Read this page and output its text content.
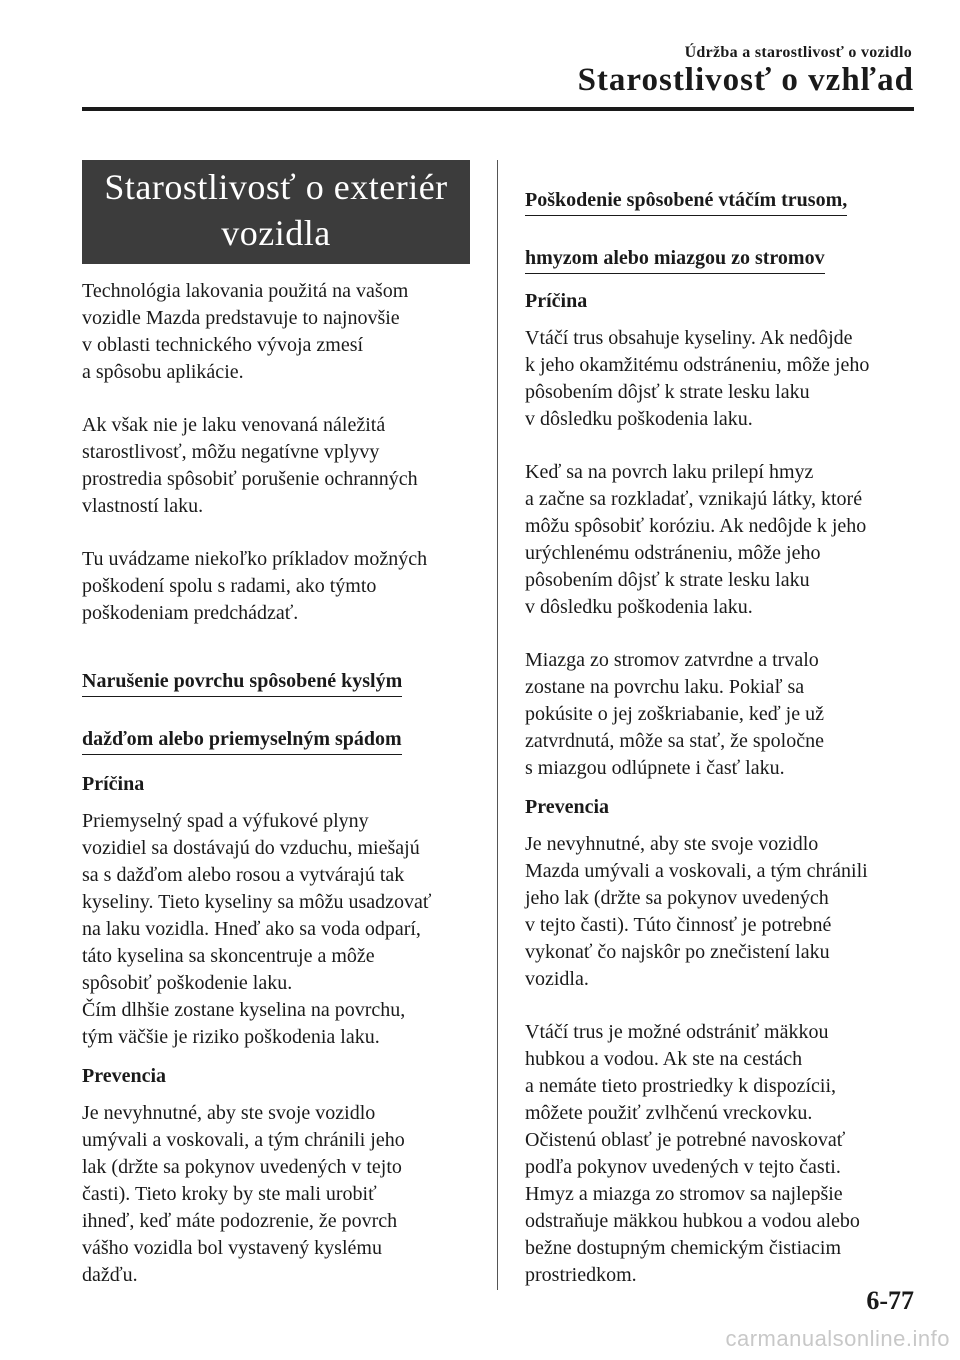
Údržba a starostlivosť o vozidlo
Starostlivosť o vzhľad
Starostlivosť o exteriér
vozidla

Technológia lakovania použitá na vašom
vozidle Mazda predstavuje to najnovšie
v oblasti technického vývoja zmesí
a spôsobu aplikácie.

Ak však nie je laku venovaná náležitá
starostlivosť, môžu negatívne vplyvy
prostredia spôsobiť porušenie ochranných
vlastností laku.

Tu uvádzame niekoľko príkladov možných
poškodení spolu s radami, ako týmto
poškodeniam predchádzať.

Narušenie povrchu spôsobené kyslým

dažďom alebo priemyselným spádom

Príčina

Priemyselný spad a výfukové plyny
vozidiel sa dostávajú do vzduchu, miešajú
sa s dažďom alebo rosou a vytvárajú tak
kyseliny. Tieto kyseliny sa môžu usadzovať
na laku vozidla. Hneď ako sa voda odparí,
táto kyselina sa skoncentruje a môže
spôsobiť poškodenie laku.
Čím dlhšie zostane kyselina na povrchu,
tým väčšie je riziko poškodenia laku.

Prevencia

Je nevyhnutné, aby ste svoje vozidlo
umývali a voskovali, a tým chránili jeho
lak (držte sa pokynov uvedených v tejto
časti). Tieto kroky by ste mali urobiť
ihneď, keď máte podozrenie, že povrch
vášho vozidla bol vystavený kyslému
dažďu.

Poškodenie spôsobené vtáčím trusom,

hmyzom alebo miazgou zo stromov

Príčina

Vtáčí trus obsahuje kyseliny. Ak nedôjde
k jeho okamžitému odstráneniu, môže jeho
pôsobením dôjsť k strate lesku laku
v dôsledku poškodenia laku.

Keď sa na povrch laku prilepí hmyz
a začne sa rozkladať, vznikajú látky, ktoré
môžu spôsobiť koróziu. Ak nedôjde k jeho
urýchlenému odstráneniu, môže jeho
pôsobením dôjsť k strate lesku laku
v dôsledku poškodenia laku.

Miazga zo stromov zatvrdne a trvalo
zostane na povrchu laku. Pokiaľ sa
pokúsite o jej zoškriabanie, keď je už
zatvrdnutá, môže sa stať, že spoločne
s miazgou odlúpnete i časť laku.

Prevencia

Je nevyhnutné, aby ste svoje vozidlo
Mazda umývali a voskovali, a tým chránili
jeho lak (držte sa pokynov uvedených
v tejto časti). Túto činnosť je potrebné
vykonať čo najskôr po znečistení laku
vozidla.

Vtáčí trus je možné odstrániť mäkkou
hubkou a vodou. Ak ste na cestách
a nemáte tieto prostriedky k dispozícii,
môžete použiť zvlhčenú vreckovku.
Očistenú oblasť je potrebné navoskovať
podľa pokynov uvedených v tejto časti.
Hmyz a miazga zo stromov sa najlepšie
odstraňuje mäkkou hubkou a vodou alebo
bežne dostupným chemickým čistiacim
prostriedkom.

6-77
carmanualsonline.info
